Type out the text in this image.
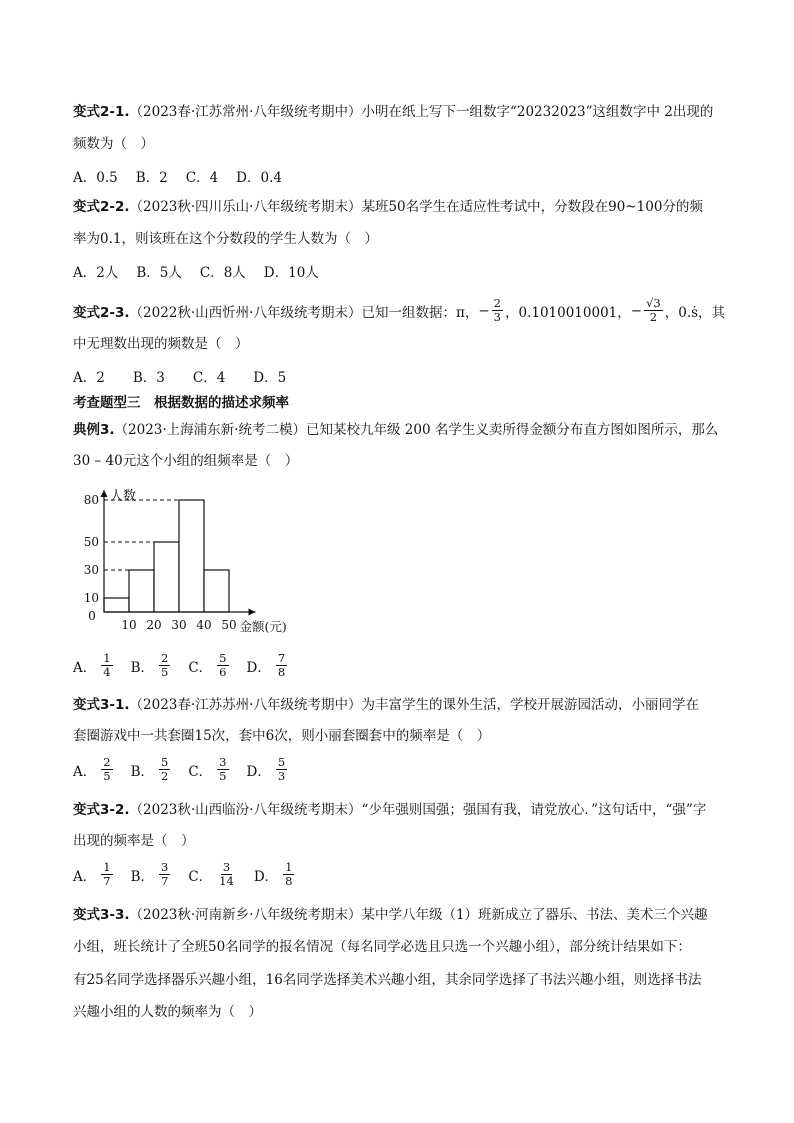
变式2-1.（2023春·江苏常州·八年级统考期中）小明在纸上写下一组数字“20232023”这组数字中 2出现的
频数为（　）
A．0.5 B．2 C．4 D．0.4
变式2-2.（2023秋·四川乐山·八年级统考期末）某班50名学生在适应性考试中，分数段在90~100分的频
率为0.1，则该班在这个分数段的学生人数为（　）
A．2人 B．5人 C．8人 D．10人
变式2-3. （2022秋·山西忻州·八年级统考期末）已知一组数据：π， − $\frac{2}{3}$ ，0.1010010001， − $\frac{√3}{2}$ ，0.ṡ，其
中无理数出现的频数是（　）
A．2 B．3 C．4 D．5
考查题型三　根据数据的描述求频率
典例3.（2023·上海浦东新·统考二模）已知某校九年级 200 名学生义卖所得金额分布直方图如图所示，那么
30 – 40元这个小组的组频率是（　）
10
30
50
80
10 20 30 40 50
0
人数
金额(元)
A． $\frac{1}{4}$ B． $\frac{2}{5}$ C． $\frac{5}{6}$ D． $\frac{7}{8}$
变式3-1.（2023春·江苏苏州·八年级统考期中）为丰富学生的课外生活，学校开展游园活动，小丽同学在
套圈游戏中一共套圈15次，套中6次，则小丽套圈套中的频率是（　）
A． $\frac{2}{5}$ B． $\frac{5}{2}$ C． $\frac{3}{5}$ D． $\frac{5}{3}$
变式3-2.（2023秋·山西临汾·八年级统考期末）“少年强则国强；强国有我，请党放心．”这句话中，“强”字
出现的频率是（　）
A． $\frac{1}{7}$ B． $\frac{3}{7}$ C． $\frac{3}{14}$ D． $\frac{1}{8}$
变式3-3.（2023秋·河南新乡·八年级统考期末）某中学八年级（1）班新成立了器乐、书法、美术三个兴趣
小组，班长统计了全班50名同学的报名情况（每名同学必选且只选一个兴趣小组），部分统计结果如下：
有25名同学选择器乐兴趣小组，16名同学选择美术兴趣小组，其余同学选择了书法兴趣小组，则选择书法
兴趣小组的人数的频率为（　）
